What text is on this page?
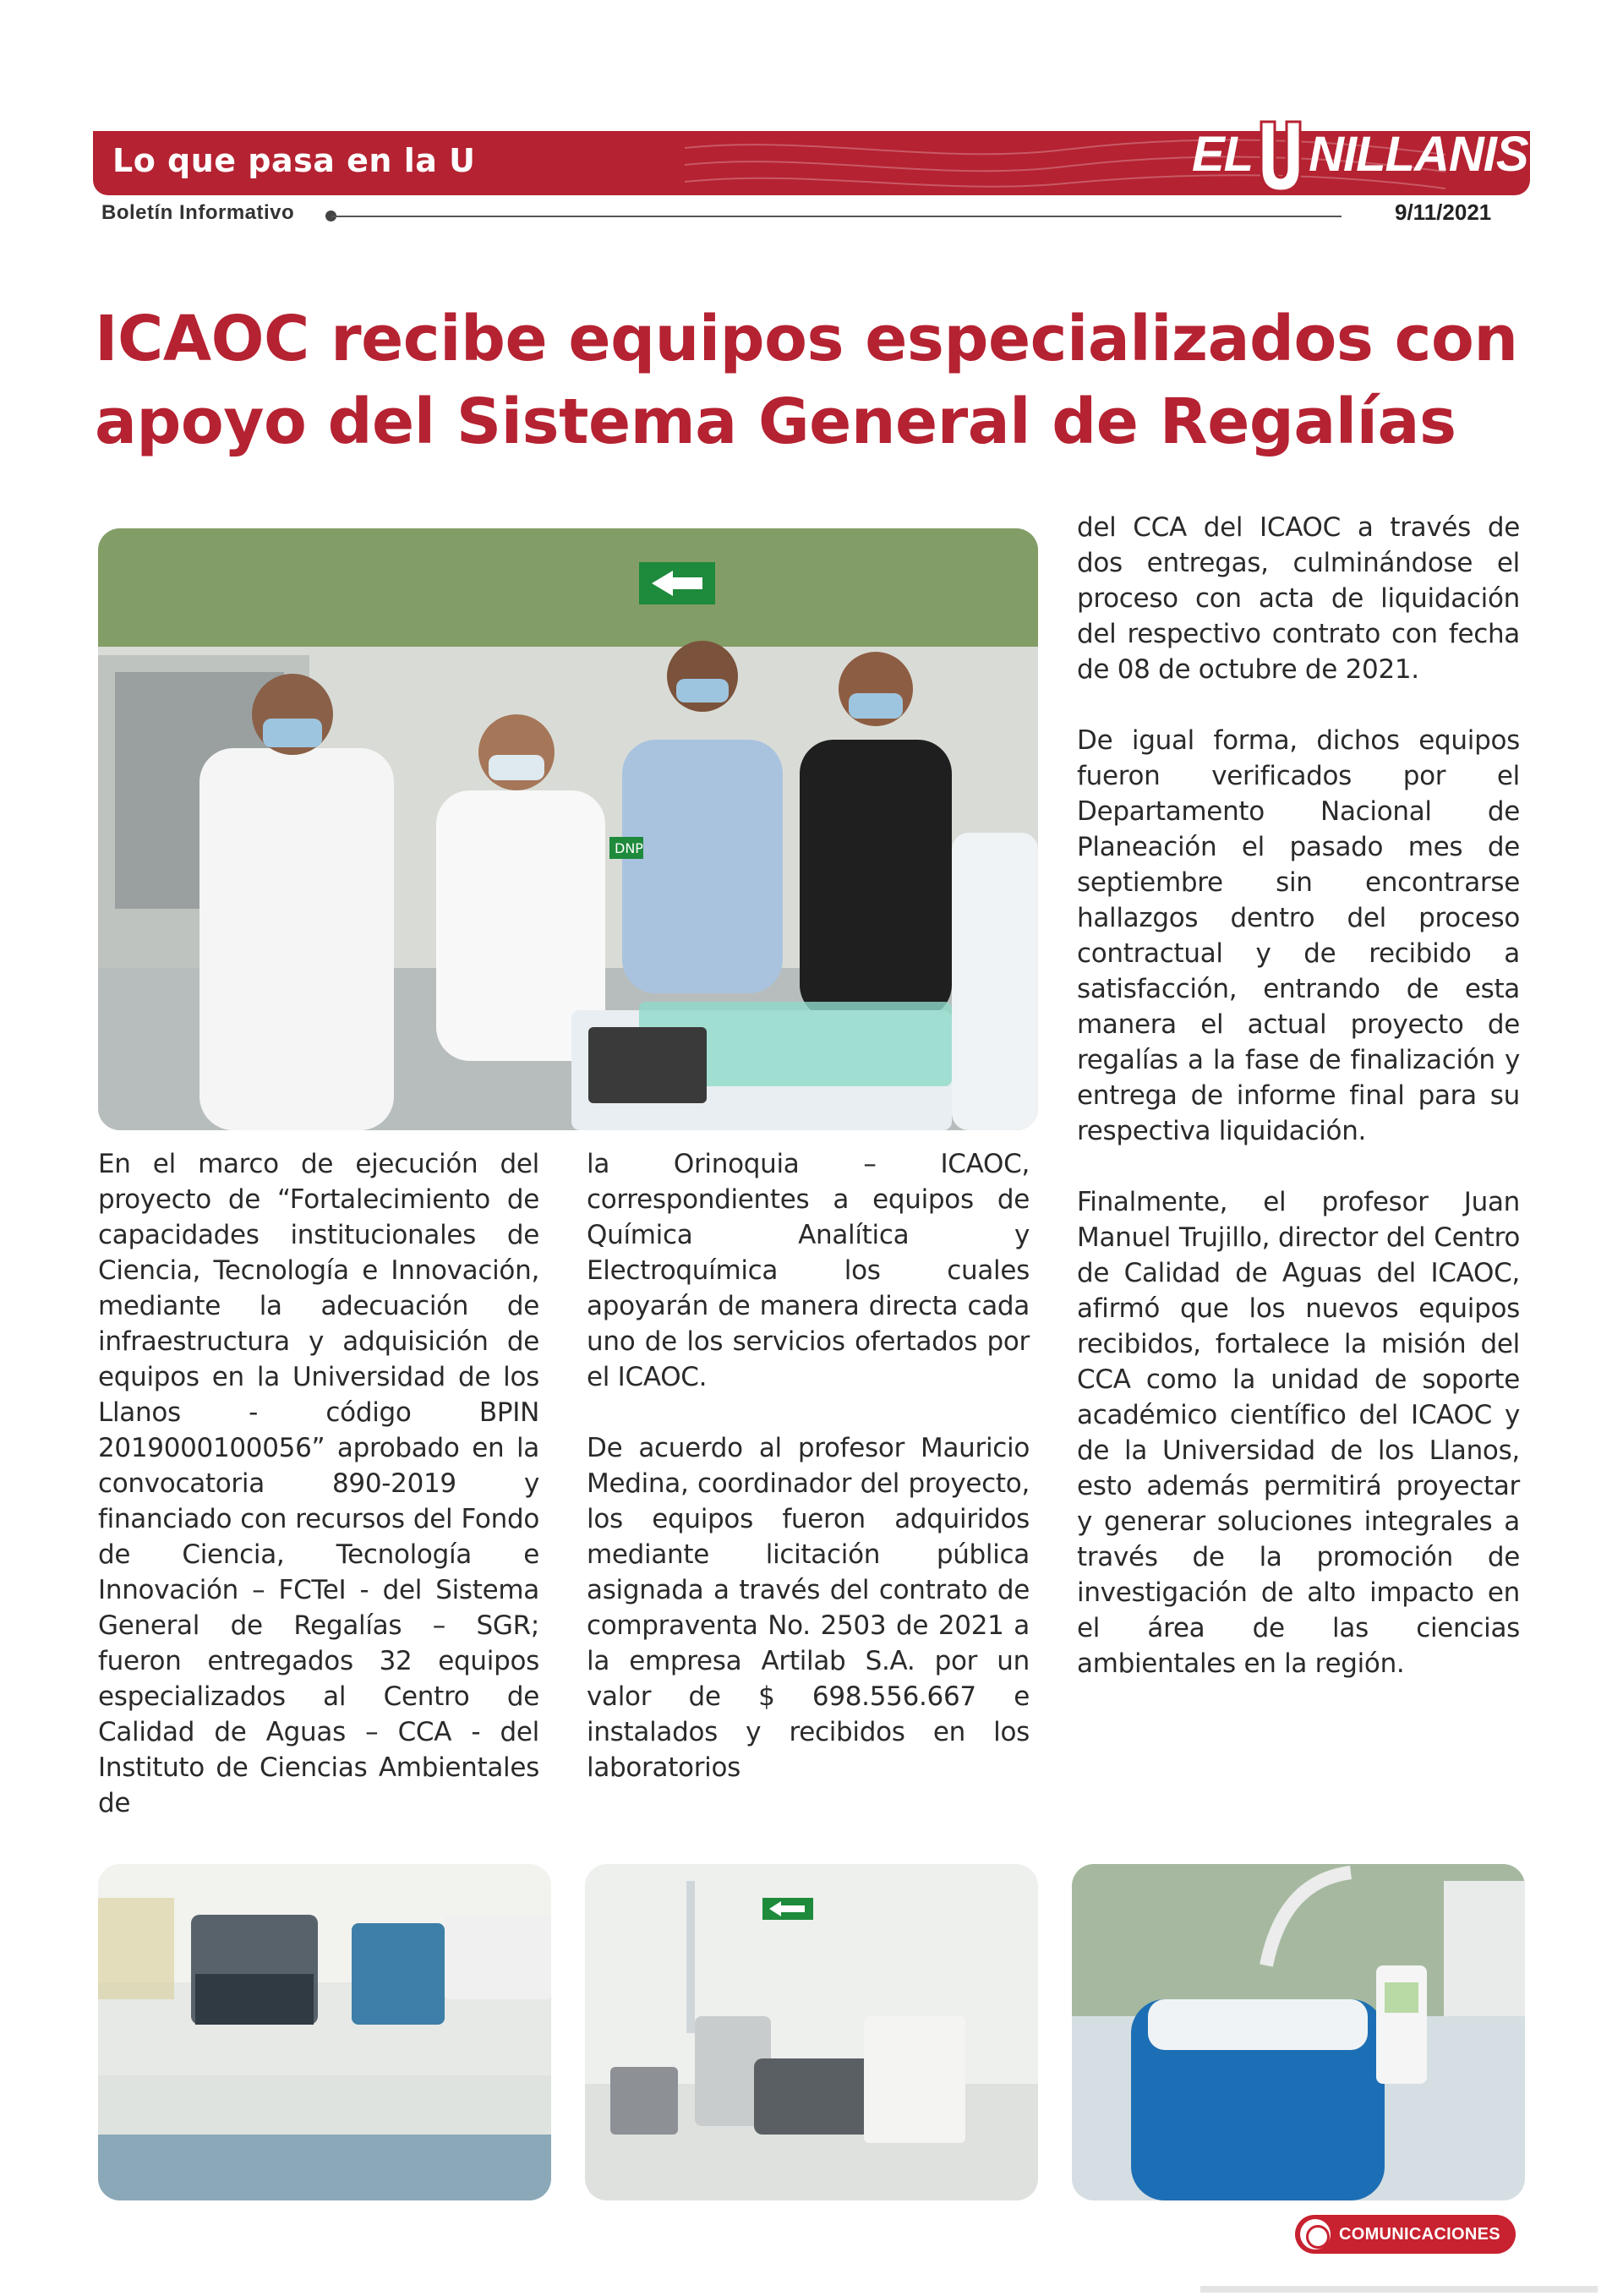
Lo que pasa en la U	EL NILLANISTA
Boletín Informativo	9/11/2021
ICAOC recibe equipos especializados con
apoyo del Sistema General de Regalías
DNP

En el marco de ejecución del proyecto de “Fortalecimiento de capacidades institucionales de Ciencia, Tecnología e Innovación, mediante la adecuación de infraestructura y adquisición de equipos en la Universidad de los Llanos - código BPIN 2019000100056” aprobado en la convocatoria 890-2019 y financiado con recursos del Fondo de Ciencia, Tecnología e Innovación – FCTeI - del Sistema General de Regalías – SGR; fueron entregados 32 equipos especializados al Centro de Calidad de Aguas – CCA - del Instituto de Ciencias Ambientales de

la Orinoquia – ICAOC, correspondientes a equipos de Química Analítica y Electroquímica los cuales apoyarán de manera directa cada uno de los servicios ofertados por el ICAOC.

De acuerdo al profesor Mauricio Medina, coordinador del proyecto, los equipos fueron adquiridos mediante licitación pública asignada a través del contrato de compraventa No. 2503 de 2021 a la empresa Artilab S.A. por un valor de $ 698.556.667 e instalados y recibidos en los laboratorios

del CCA del ICAOC a través de dos entregas, culminándose el proceso con acta de liquidación del respectivo contrato con fecha de 08 de octubre de 2021.

De igual forma, dichos equipos fueron verificados por el Departamento Nacional de Planeación el pasado mes de septiembre sin encontrarse hallazgos dentro del proceso contractual y de recibido a satisfacción, entrando de esta manera el actual proyecto de regalías a la fase de finalización y entrega de informe final para su respectiva liquidación.

Finalmente, el profesor Juan Manuel Trujillo, director del Centro de Calidad de Aguas del ICAOC, afirmó que los nuevos equipos recibidos, fortalece la misión del CCA como la unidad de soporte académico científico del ICAOC y de la Universidad de los Llanos, esto además permitirá proyectar y generar soluciones integrales a través de la promoción de investigación de alto impacto en el área de las ciencias ambientales en la región.

COMUNICACIONES
